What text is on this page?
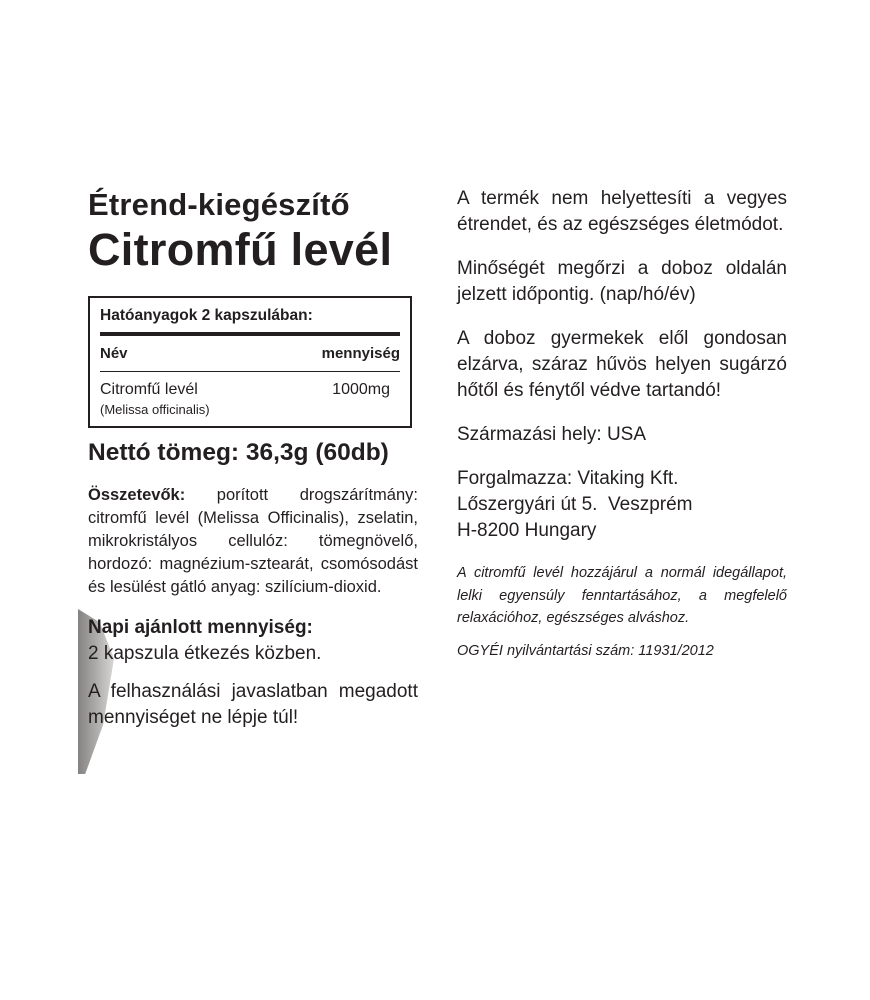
Étrend-kiegészítő

Citromfű levél

Hatóanyagok 2 kapszulában:
Név	mennyiség
Citromfű levél	1000mg
(Melissa officinalis)

Nettó tömeg: 36,3g (60db)

Összetevők: porított drogszárítmány: citromfű levél (Melissa Officinalis), zselatin, mikrokristályos cellulóz: tömegnövelő, hordozó: magnézium-sztearát, csomósodást és lesülést gátló anyag: szilícium-dioxid.

Napi ajánlott mennyiség:

2 kapszula étkezés közben.

A felhasználási javaslatban megadott mennyiséget ne lépje túl!

A termék nem helyettesíti a vegyes étrendet, és az egészséges életmódot.

Minőségét megőrzi a doboz oldalán jelzett időpontig. (nap/hó/év)

A doboz gyermekek elől gondosan elzárva, száraz hűvös helyen sugárzó hőtől és fénytől védve tartandó!

Származási hely: USA

Forgalmazza: Vitaking Kft.
Lőszergyári út 5.  Veszprém
H-8200 Hungary

A citromfű levél hozzájárul a normál idegállapot, lelki egyensúly fenntartásához, a megfelelő relaxációhoz, egészséges alváshoz.

OGYÉI nyilvántartási szám: 11931/2012
